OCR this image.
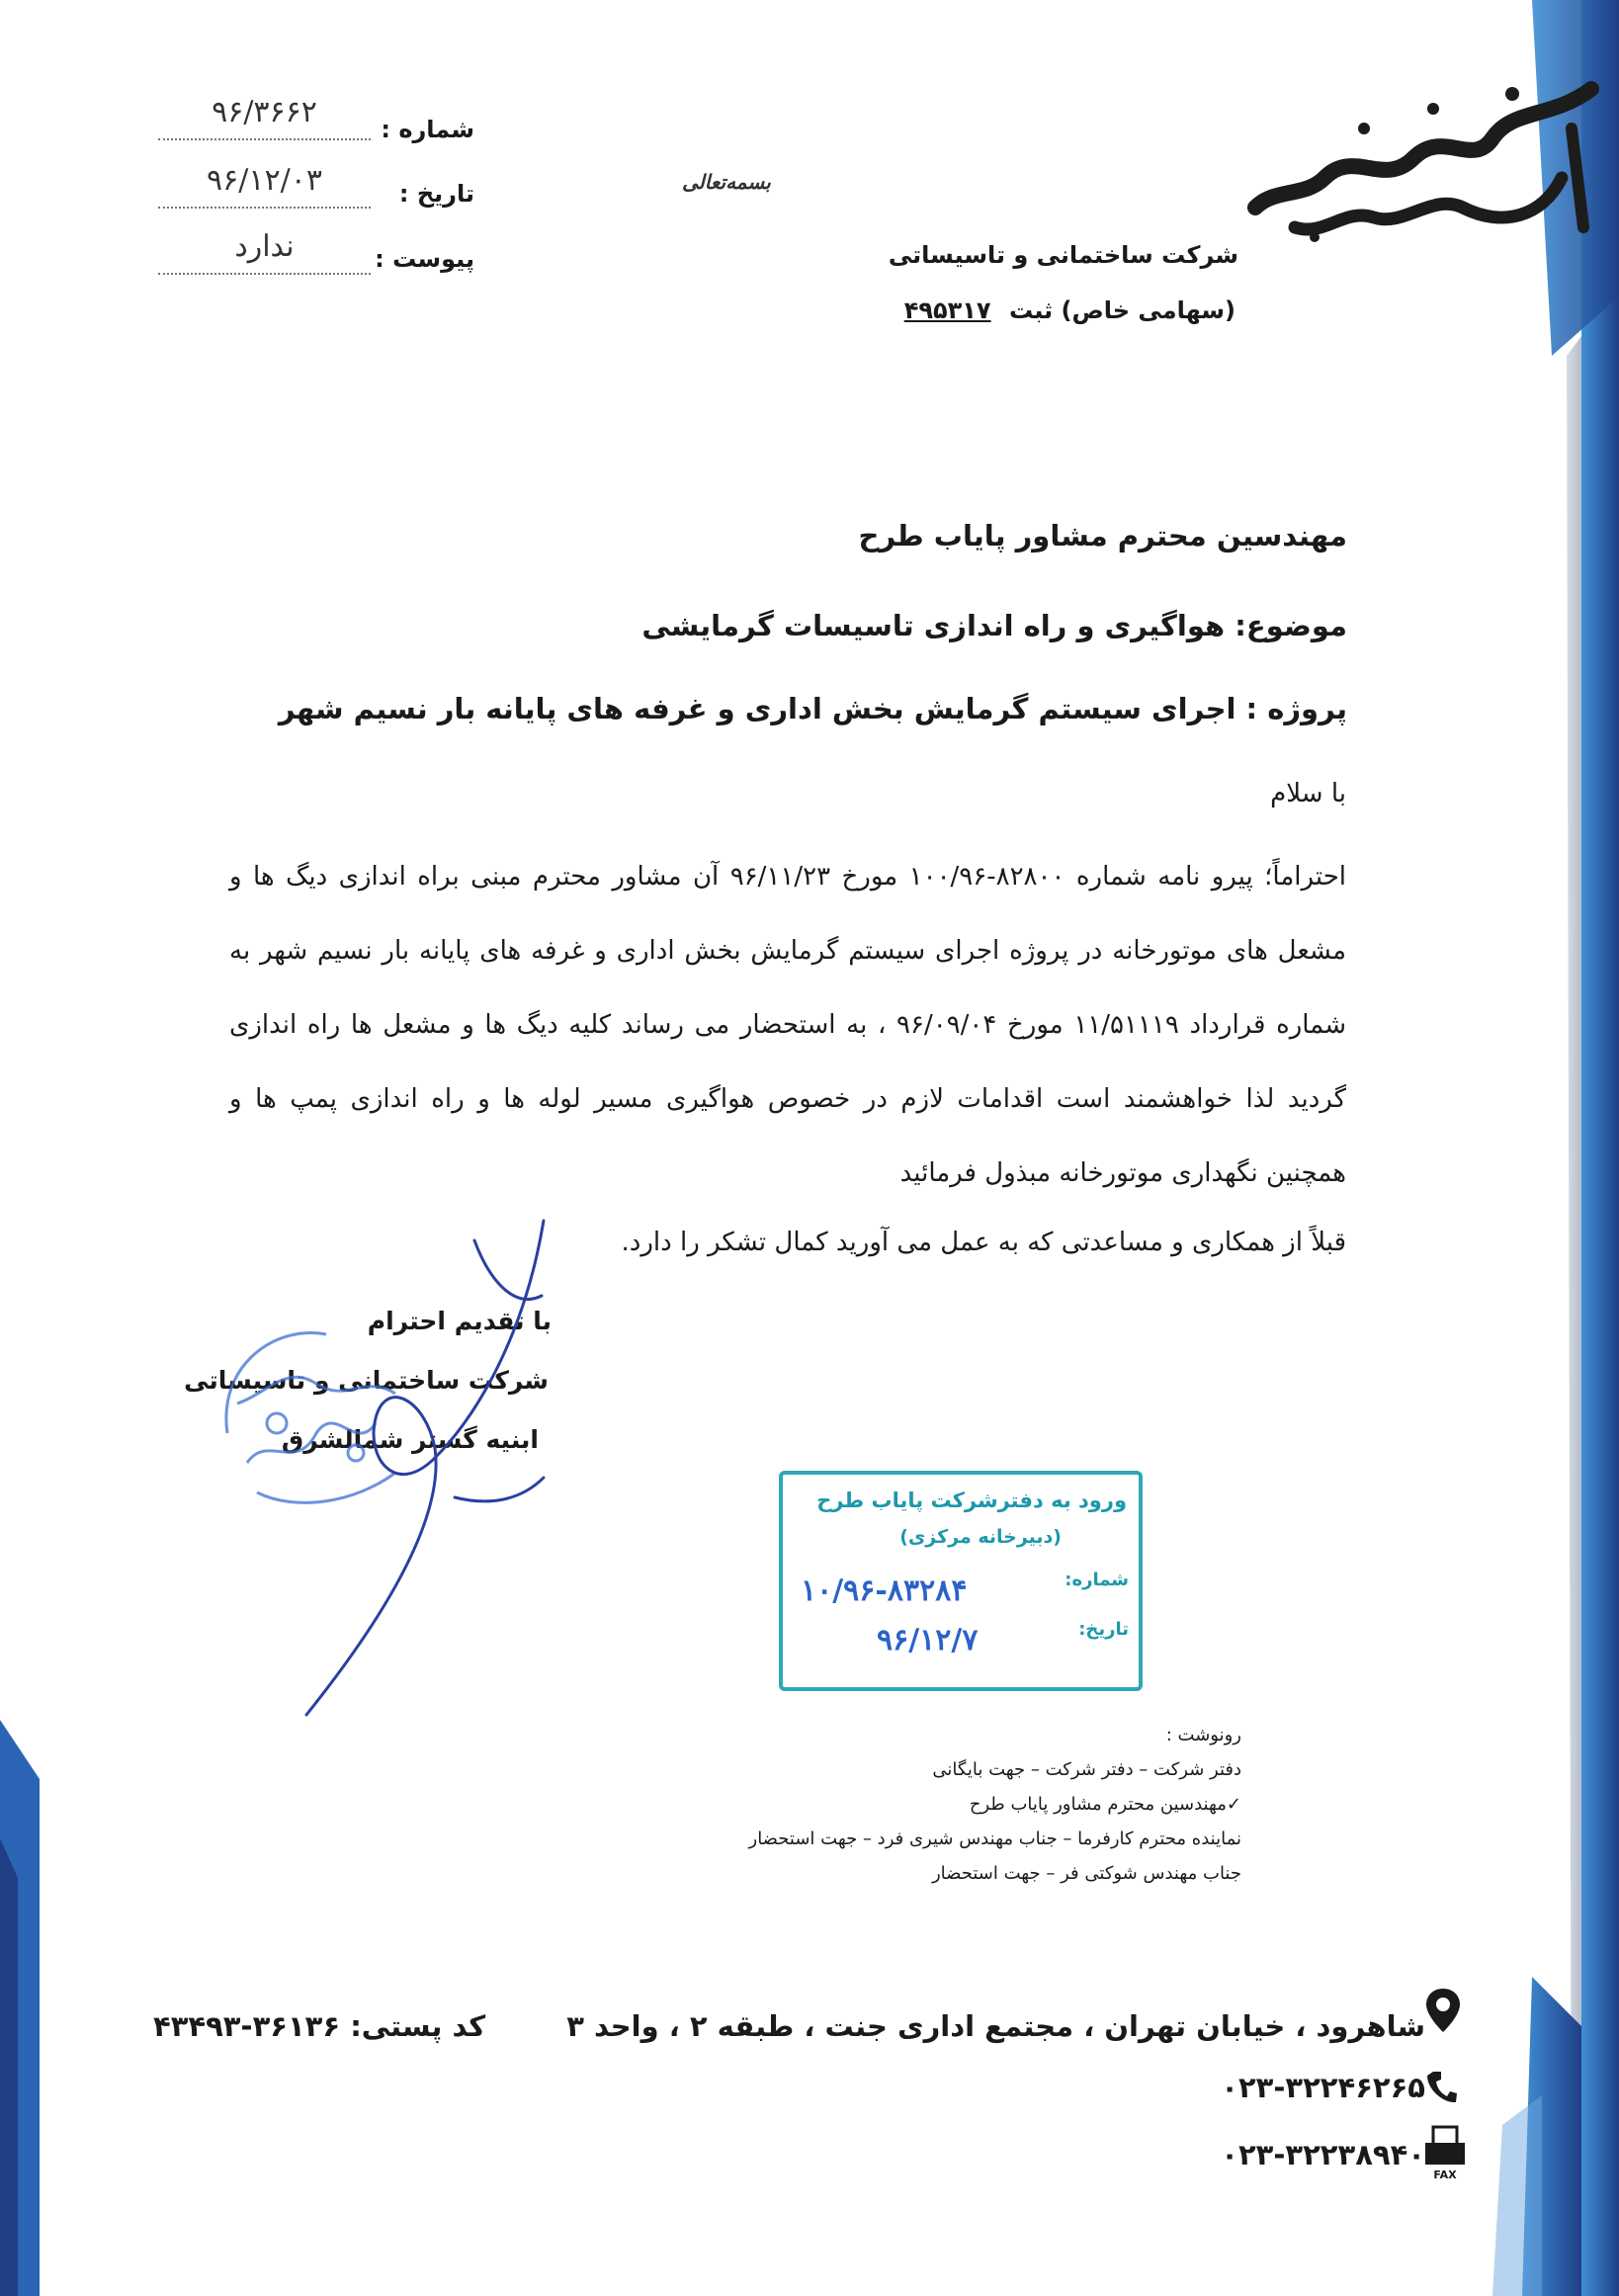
شرکت ساختمانی و تاسیساتی
(سهامی خاص) ثبت ۴۹۵۳۱۷
بسمه‌تعالی
شماره :
۹۶/۳۶۶۲
تاریخ :
۹۶/۱۲/۰۳
پیوست :
ندارد
مهندسین محترم مشاور پایاب طرح
موضوع: هواگیری و راه اندازی تاسیسات گرمایشی
پروژه : اجرای سیستم گرمایش بخش اداری و غرفه های پایانه بار نسیم شهر
با سلام
احتراماً؛ پیرو نامه شماره ۸۲۸۰۰-۱۰۰/۹۶ مورخ ۹۶/۱۱/۲۳ آن مشاور محترم مبنی براه اندازی دیگ ها و مشعل های موتورخانه در پروژه اجرای سیستم گرمایش بخش اداری و غرفه های پایانه بار نسیم شهر به شماره قرارداد ۱۱/۵۱۱۱۹ مورخ ۹۶/۰۹/۰۴ ، به استحضار می رساند کلیه دیگ ها و مشعل ها راه اندازی گردید لذا خواهشمند است اقدامات لازم در خصوص هواگیری مسیر لوله ها و راه اندازی پمپ ها و همچنین نگهداری موتورخانه مبذول فرمائید
قبلاً از همکاری و مساعدتی که به عمل می آورید کمال تشکر را دارد.
با تقدیم احترام
شرکت ساختمانی و تاسیساتی
ابنیه گستر شمالشرق
ورود به دفترشرکت پایاب طرح
(دبیرخانه مرکزی)
شماره:
۱۰/۹۶-۸۳۲۸۴
تاریخ:
۹۶/۱۲/۷
رونوشت :
دفتر شرکت – دفتر شرکت – جهت بایگانی
✓مهندسین محترم مشاور پایاب طرح
نماینده محترم کارفرما – جناب مهندس شیری فرد – جهت استحضار
جناب مهندس شوکتی فر – جهت استحضار
شاهرود ، خیابان تهران ، مجتمع اداری جنت ، طبقه ۲ ، واحد ۳
کد پستی: ۳۶۱۳۶-۴۳۴۹۳
۰۲۳-۳۲۲۴۶۲۶۵
۰۲۳-۳۲۲۳۸۹۴۰
FAX
